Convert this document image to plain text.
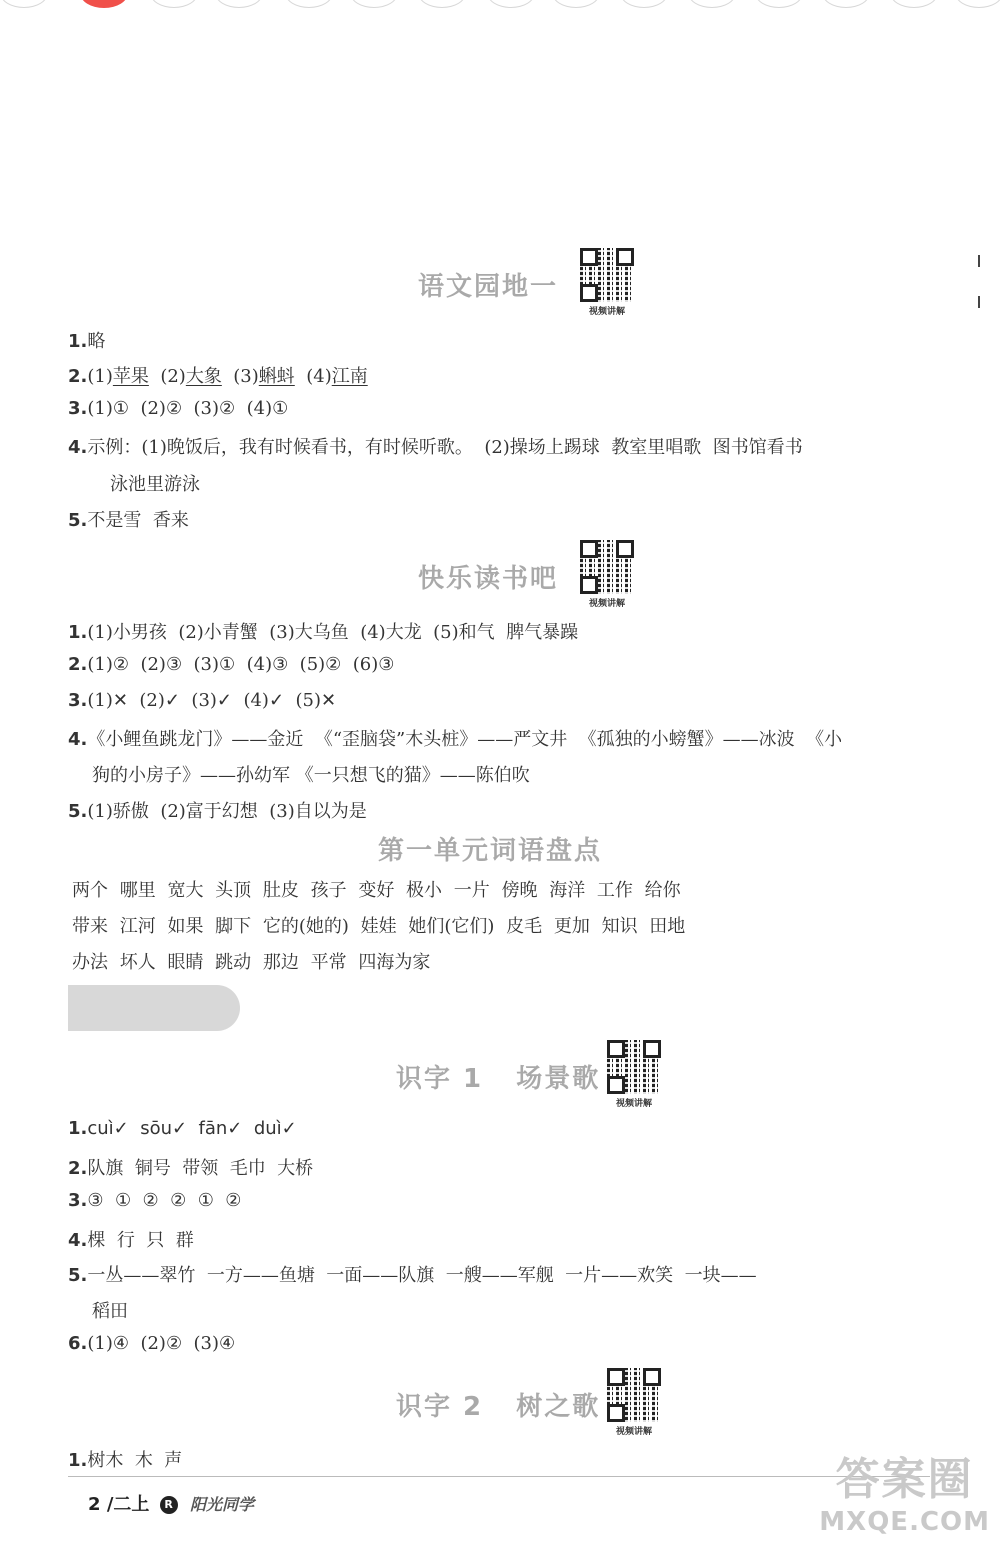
语文园地一
视频讲解
1.略
2.(1)苹果 (2)大象 (3)蝌蚪 (4)江南
3.(1)①  (2)②  (3)②  (4)①
4.示例：(1)晚饭后，我有时候看书，有时候听歌。  (2)操场上踢球  教室里唱歌  图书馆看书
泳池里游泳
5.不是雪  香来
快乐读书吧
视频讲解
1.(1)小男孩  (2)小青蟹  (3)大乌鱼  (4)大龙  (5)和气  脾气暴躁
2.(1)②  (2)③  (3)①  (4)③  (5)②  (6)③
3.(1)✕  (2)✓  (3)✓  (4)✓  (5)✕
4.《小鲤鱼跳龙门》——金近  《“歪脑袋”木头桩》——严文井  《孤独的小螃蟹》——冰波  《小
狗的小房子》——孙幼军 《一只想飞的猫》——陈伯吹
5.(1)骄傲  (2)富于幻想  (3)自以为是
第一单元词语盘点
两个 哪里 宽大 头顶 肚皮 孩子 变好 极小 一片 傍晚 海洋 工作 给你
带来 江河 如果 脚下 它的(她的) 娃娃 她们(它们) 皮毛 更加 知识 田地
办法 坏人 眼睛 跳动 那边 平常 四海为家
识字 1   场景歌
视频讲解
1.cuì✓  sōu✓  fān✓  duì✓
2.队旗  铜号  带领  毛巾  大桥
3.③  ①  ②  ②  ①  ②
4.棵  行  只  群
5.一丛——翠竹  一方——鱼塘  一面——队旗  一艘——军舰  一片——欢笑  一块——
稻田
6.(1)④  (2)②  (3)④
识字 2   树之歌
视频讲解
1.树木  木  声
2 /二上 R 阳光同学	答案圈
MXQE.COM
